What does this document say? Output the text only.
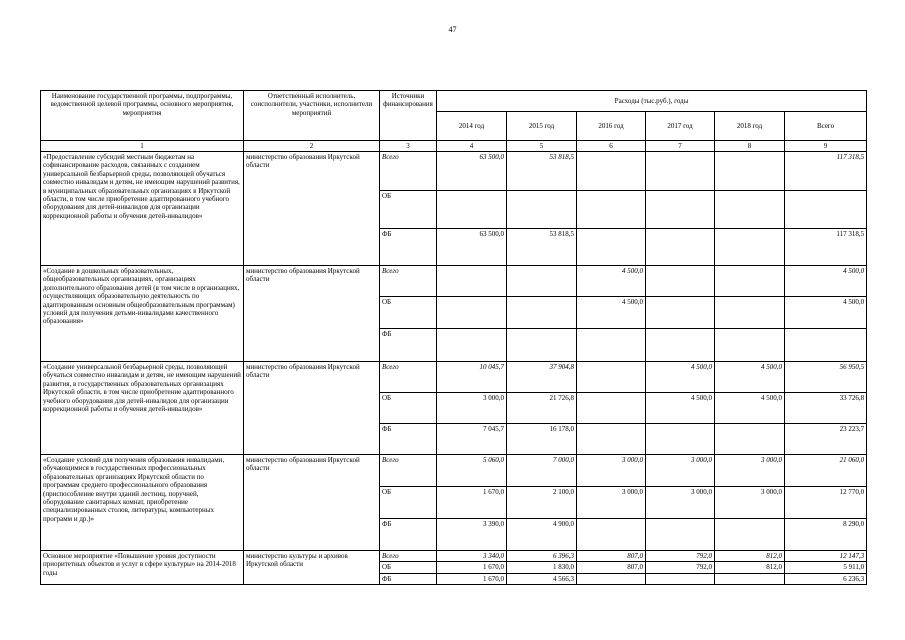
47
Наименование государственной программы, подпрограммы, ведомственной целевой программы, основного мероприятия, мероприятия	Ответственный исполнитель, соисполнители, участники, исполнители мероприятий	Источники финансирования	Расходы (тыс.руб.), годы					
			2014 год	2015 год	2016 год	2017 год	2018 год	Всего
1	2	3	4	5	6	7	8	9
«Предоставление субсидий местным бюджетам на софинансирование расходов, связанных с созданием универсальной безбарьерной среды, позволяющей обучаться совместно инвалидам и детям, не имеющим нарушений развития, в муниципальных образовательных организациях в Иркутской области, в том числе приобретение адаптированного учебного оборудования для детей-инвалидов для организации коррекционной работы и обучения детей-инвалидов»	министерство образования Иркутской области	Всего	63 500,0	53 818,5				117 318,5
		ОБ						
		ФБ	63 500,0	53 818,5				117 318,5
«Создание в дошкольных образовательных, общеобразовательных организациях, организациях дополнительного образования детей (в том числе в организациях, осуществляющих образовательную деятельность по адаптированным основным общеобразовательным программам) условий для получения детьми-инвалидами качественного образования»	министерство образования Иркутской области	Всего			4 500,0			4 500,0
		ОБ			4 500,0			4 500,0
		ФБ						
«Создание универсальной безбарьерной среды, позволяющей обучаться совместно инвалидам и детям, не имеющим нарушений развития, в государственных образовательных организациях Иркутской области, в том числе приобретение адаптированного учебного оборудования для детей-инвалидов для организации коррекционной работы и обучения детей-инвалидов»	министерство образования Иркутской области	Всего	10 045,7	37 904,8		4 500,0	4 500,0	56 950,5
		ОБ	3 000,0	21 726,8		4 500,0	4 500,0	33 726,8
		ФБ	7 045,7	16 178,0				23 223,7
«Создание условий для получения образования инвалидами, обучающимися в государственных профессиональных образовательных организациях Иркутской области по программам среднего профессионального образования (приспособление внутри зданий лестниц, поручней, оборудование санитарных комнат, приобретение специализированных столов, литературы, компьютерных программ и др.)»	министерство образования Иркутской области	Всего	5 060,0	7 000,0	3 000,0	3 000,0	3 000,0	21 060,0
		ОБ	1 670,0	2 100,0	3 000,0	3 000,0	3 000,0	12 770,0
		ФБ	3 390,0	4 900,0				8 290,0
Основное мероприятие «Повышение уровня доступности приоритетных объектов и услуг в сфере культуры» на 2014-2018 годы	министерство культуры и архивов Иркутской области	Всего	3 340,0	6 396,3	807,0	792,0	812,0	12 147,3
		ОБ	1 670,0	1 830,0	807,0	792,0	812,0	5 911,0
		ФБ	1 670,0	4 566,3				6 236,3
